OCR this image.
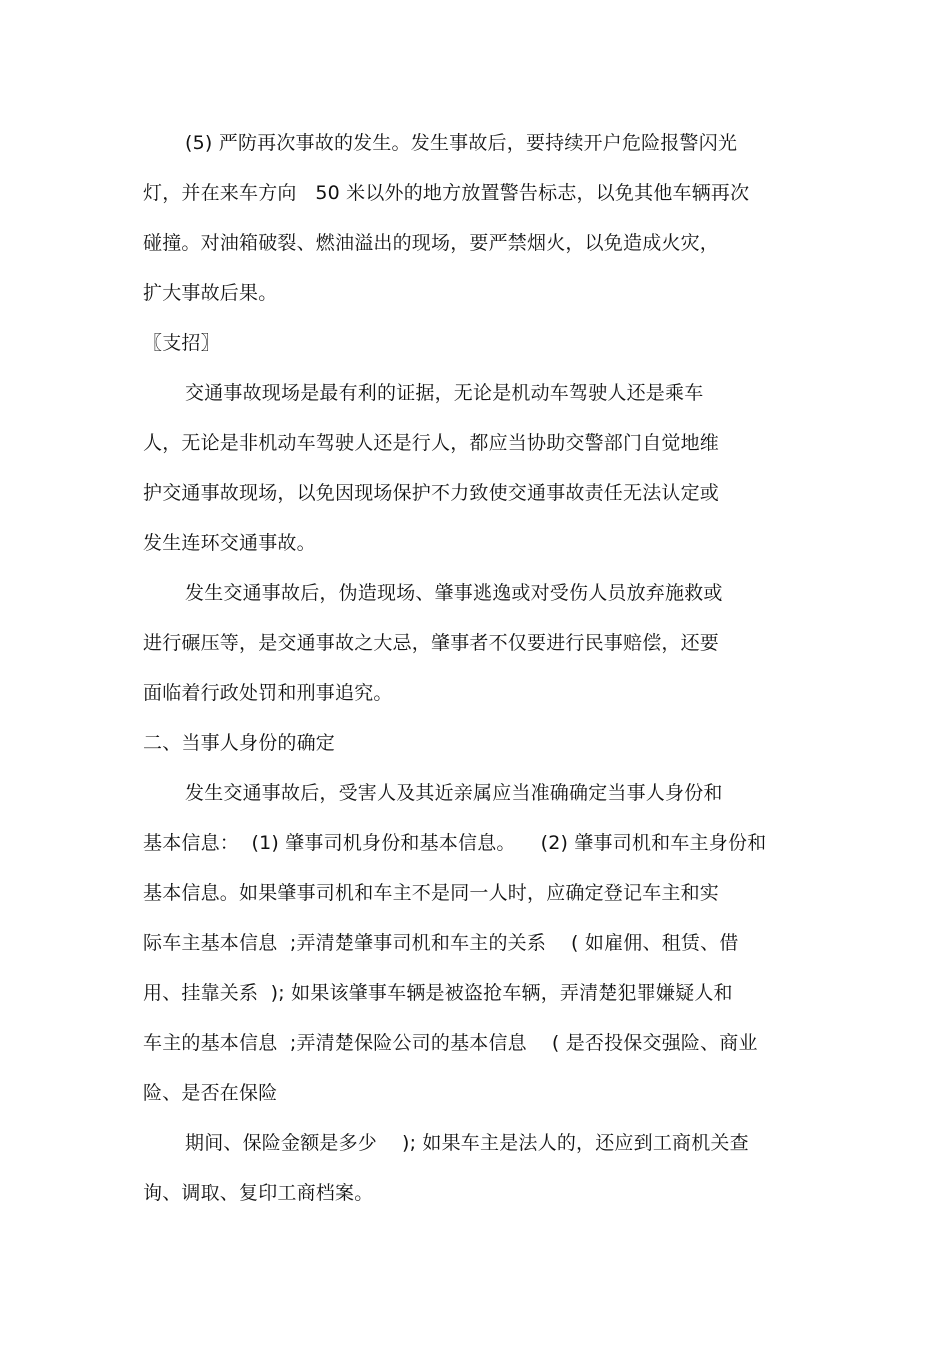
(5) 严防再次事故的发生。发生事故后，要持续开户危险报警闪光
灯，并在来车方向   50 米以外的地方放置警告标志，以免其他车辆再次
碰撞。对油箱破裂、燃油溢出的现场，要严禁烟火，以免造成火灾，
扩大事故后果。
〖支招〗
交通事故现场是最有利的证据，无论是机动车驾驶人还是乘车
人，无论是非机动车驾驶人还是行人，都应当协助交警部门自觉地维
护交通事故现场，以免因现场保护不力致使交通事故责任无法认定或
发生连环交通事故。
发生交通事故后，伪造现场、肇事逃逸或对受伤人员放弃施救或
进行碾压等，是交通事故之大忌，肇事者不仅要进行民事赔偿，还要
面临着行政处罚和刑事追究。
二、当事人身份的确定
发生交通事故后，受害人及其近亲属应当准确确定当事人身份和
基本信息：  (1) 肇事司机身份和基本信息。    (2) 肇事司机和车主身份和
基本信息。如果肇事司机和车主不是同一人时，应确定登记车主和实
际车主基本信息  ;弄清楚肇事司机和车主的关系    ( 如雇佣、租赁、借
用、挂靠关系  ); 如果该肇事车辆是被盗抢车辆，弄清楚犯罪嫌疑人和
车主的基本信息  ;弄清楚保险公司的基本信息    ( 是否投保交强险、商业
险、是否在保险
期间、保险金额是多少    ); 如果车主是法人的，还应到工商机关查
询、调取、复印工商档案。
